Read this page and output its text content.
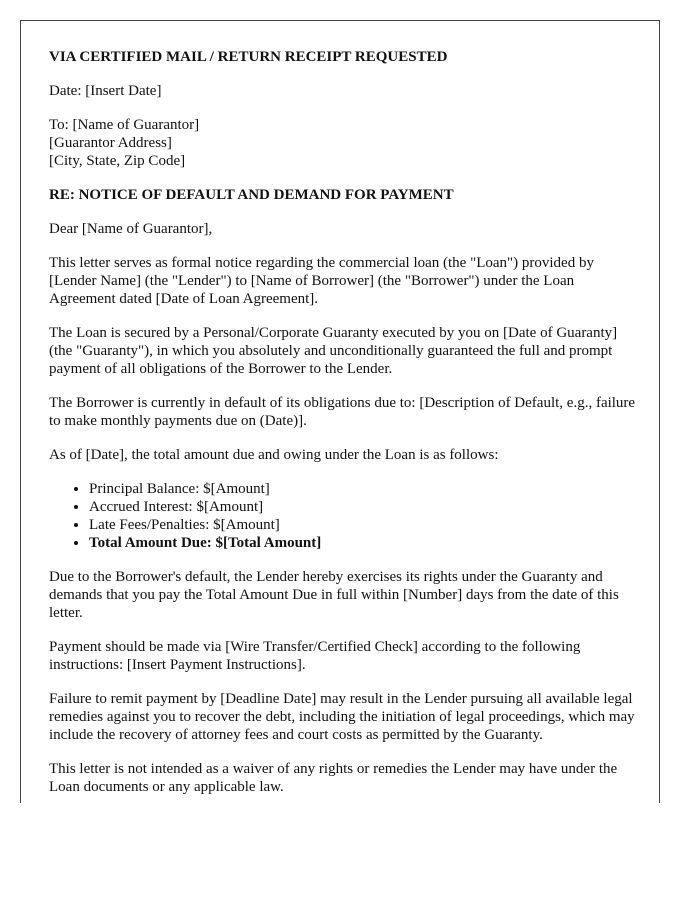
VIA CERTIFIED MAIL / RETURN RECEIPT REQUESTED

Date: [Insert Date]

To: [Name of Guarantor]
[Guarantor Address]
[City, State, Zip Code]

RE: NOTICE OF DEFAULT AND DEMAND FOR PAYMENT

Dear [Name of Guarantor],

This letter serves as formal notice regarding the commercial loan (the "Loan") provided by [Lender Name] (the "Lender") to [Name of Borrower] (the "Borrower") under the Loan Agreement dated [Date of Loan Agreement].

The Loan is secured by a Personal/Corporate Guaranty executed by you on [Date of Guaranty] (the "Guaranty"), in which you absolutely and unconditionally guaranteed the full and prompt payment of all obligations of the Borrower to the Lender.

The Borrower is currently in default of its obligations due to: [Description of Default, e.g., failure to make monthly payments due on (Date)].

As of [Date], the total amount due and owing under the Loan is as follows:

• Principal Balance: $[Amount]
• Accrued Interest: $[Amount]
• Late Fees/Penalties: $[Amount]
• Total Amount Due: $[Total Amount]

Due to the Borrower's default, the Lender hereby exercises its rights under the Guaranty and demands that you pay the Total Amount Due in full within [Number] days from the date of this letter.

Payment should be made via [Wire Transfer/Certified Check] according to the following instructions: [Insert Payment Instructions].

Failure to remit payment by [Deadline Date] may result in the Lender pursuing all available legal remedies against you to recover the debt, including the initiation of legal proceedings, which may include the recovery of attorney fees and court costs as permitted by the Guaranty.

This letter is not intended as a waiver of any rights or remedies the Lender may have under the Loan documents or any applicable law.
